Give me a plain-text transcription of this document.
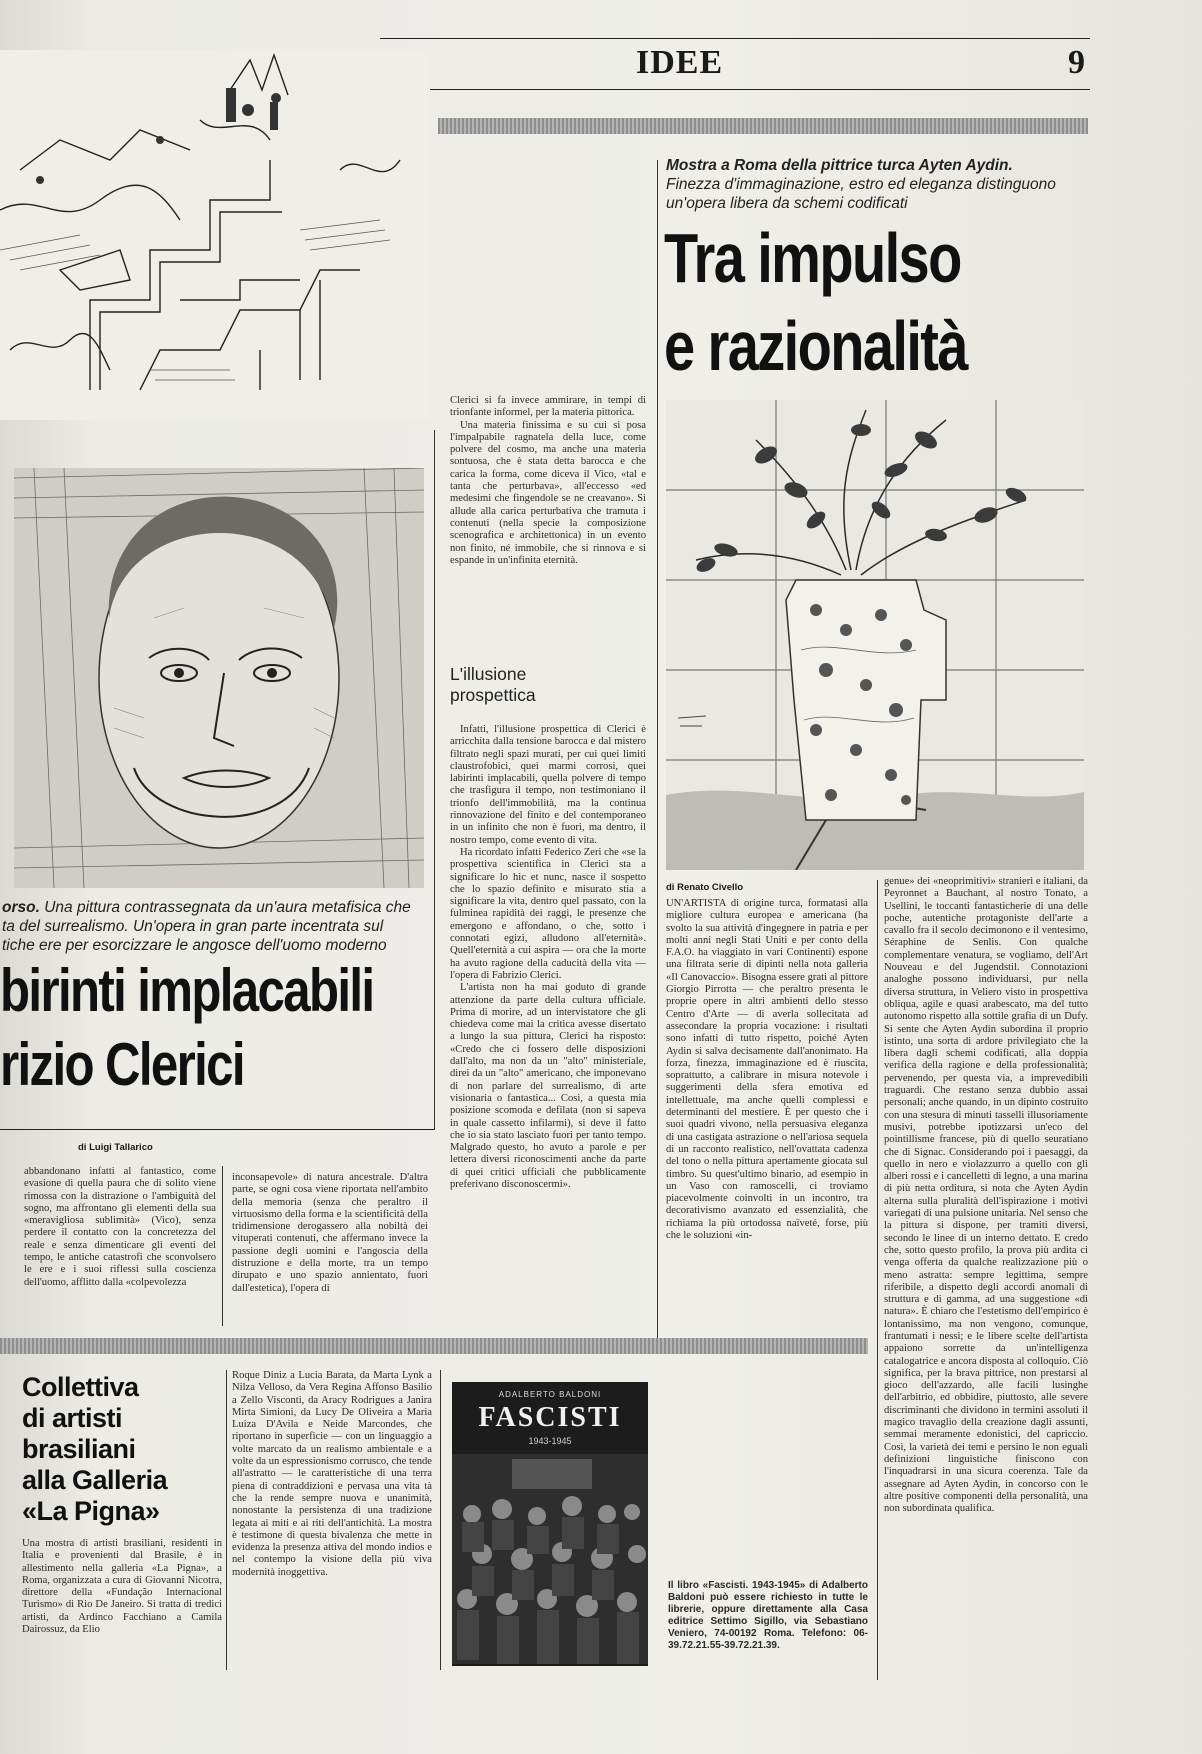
IDEE	9
orso. Una pittura contrassegnata da un'aura metafisica che
ta del surrealismo. Un'opera in gran parte incentrata sul
tiche ere per esorcizzare le angosce dell'uomo moderno
birinti implacabili
rizio Clerici
di Luigi Tallarico

abbandonano infatti al fantastico, come evasione di quella paura che di solito viene rimossa con la distrazione o l'ambiguità del sogno, ma affrontano gli elementi della sua «meravigliosa sublimità» (Vico), senza perdere il contatto con la concretezza del reale e senza dimenticare gli eventi del tempo, le antiche catastrofi che sconvolsero le ere e i suoi riflessi sulla coscienza dell'uomo, afflitto dalla «colpevolezza

inconsapevole» di natura ancestrale. D'altra parte, se ogni cosa viene riportata nell'ambito della memoria (senza che peraltro il virtuosismo della forma e la scientificità della tridimensione derogassero alla nobiltà dei vituperati contenuti, che affermano invece la passione degli uomini e l'angoscia della distruzione e della morte, tra un tempo dirupato e uno spazio annientato, fuori dall'estetica), l'opera di

Clerici si fa invece ammirare, in tempi di trionfante informel, per la materia pittorica.

Una materia finissima e su cui si posa l'impalpabile ragnatela della luce, come polvere del cosmo, ma anche una materia sontuosa, che è stata detta barocca e che carica la forma, come diceva il Vico, «tal e tanta che perturbava», all'eccesso «ed medesimi che fingendole se ne creavano». Si allude alla carica perturbativa che tramuta i contenuti (nella specie la composizione scenografica e architettonica) in un evento non finito, né immobile, che si rinnova e si espande in un'infinita eternità.

L'illusione prospettica

Infatti, l'illusione prospettica di Clerici è arricchita dalla tensione barocca e dal mistero filtrato negli spazi murati, per cui quei limiti claustrofobici, quei marmi corrosi, quei labirinti implacabili, quella polvere di tempo che trasfigura il tempo, non testimoniano il trionfo dell'immobilità, ma la continua rinnovazione del finito e del contemporaneo in un infinito che non è fuori, ma dentro, il nostro tempo, come evento di vita.

Ha ricordato infatti Federico Zeri che «se la prospettiva scientifica in Clerici sta a significare lo hic et nunc, nasce il sospetto che lo spazio definito e misurato stia a significare la vita, dentro quel passato, con la fulminea rapidità dei raggi, le presenze che emergono e affondano, o che, sotto i connotati egizi, alludono all'eternità». Quell'eternità a cui aspira — ora che la morte ha avuto ragione della caducità della vita — l'opera di Fabrizio Clerici.

L'artista non ha mai goduto di grande attenzione da parte della cultura ufficiale. Prima di morire, ad un intervistatore che gli chiedeva come mai la critica avesse disertato a lungo la sua pittura, Clerici ha risposto: «Credo che ci fossero delle disposizioni dall'alto, ma non da un "alto" ministeriale, direi da un "alto" americano, che imponevano di non parlare del surrealismo, di arte visionaria o fantastica... Così, a questa mia posizione scomoda e defilata (non si sapeva in quale cassetto infilarmi), si deve il fatto che io sia stato lasciato fuori per tanto tempo. Malgrado questo, ho avuto a parole e per lettera diversi riconoscimenti anche da parte di quei critici ufficiali che pubblicamente preferivano disconoscermi».

Mostra a Roma della pittrice turca Ayten Aydin. Finezza d'immaginazione, estro ed eleganza distinguono un'opera libera da schemi codificati
Tra impulso
e razionalità
di Renato Civello

UN'ARTISTA di origine turca, formatasi alla migliore cultura europea e americana (ha svolto la sua attività d'ingegnere in patria e per molti anni negli Stati Uniti e per conto della F.A.O. ha viaggiato in vari Continenti) espone una filtrata serie di dipinti nella nota galleria «Il Canovaccio». Bisogna essere grati al pittore Giorgio Pirrotta — che peraltro presenta le proprie opere in altri ambienti dello stesso Centro d'Arte — di averla sollecitata ad assecondare la propria vocazione: i risultati sono infatti di tutto rispetto, poiché Ayten Aydin si salva decisamente dall'anonimato. Ha forza, finezza, immaginazione ed è riuscita, soprattutto, a calibrare in misura notevole i suggerimenti della sfera emotiva ed intellettuale, ma anche quelli complessi e determinanti del mestiere. È per questo che i suoi quadri vivono, nella persuasiva eleganza di una castigata astrazione o nell'ariosa sequela di un racconto realistico, nell'ovattata cadenza del tono o nella pittura apertamente giocata sul timbro. Su quest'ultimo binario, ad esempio in un Vaso con ramoscelli, ci troviamo piacevolmente coinvolti in un incontro, tra decorativismo avanzato ed essenzialità, che richiama la più ortodossa naïveté, forse, più che le soluzioni «in-

genue» dei «neoprimitivi» stranieri e italiani, da Peyronnet a Bauchant, al nostro Tonato, a Usellini, le toccanti fantasticherie di una delle poche, autentiche protagoniste dell'arte a cavallo fra il secolo decimonono e il ventesimo, Séraphine de Senlis. Con qualche complementare venatura, se vogliamo, dell'Art Nouveau e del Jugendstil. Connotazioni analoghe possono individuarsi, pur nella diversa struttura, in Veliero visto in prospettiva obliqua, agile e quasi arabescato, ma del tutto autonomo rispetto alla sottile grafia di un Dufy. Si sente che Ayten Aydin subordina il proprio istinto, una sorta di ardore privilegiato che la libera dagli schemi codificati, alla doppia verifica della ragione e della professionalità; pervenendo, per questa via, a imprevedibili traguardi. Che restano senza dubbio assai personali; anche quando, in un dipinto costruito con una stesura di minuti tasselli illusoriamente musivi, potrebbe ipotizzarsi un'eco del pointillisme francese, più di quello seuratiano che di Signac. Considerando poi i paesaggi, da quello in nero e violazzurro a quello con gli alberi rossi e i cancelletti di legno, a una marina di più netta orditura, si nota che Ayten Aydin alterna sulla pluralità dell'ispirazione i motivi variegati di una pulsione unitaria. Nel senso che la pittura si dispone, per tramiti diversi, secondo le linee di un interno dettato. E credo che, sotto questo profilo, la prova più ardita ci venga offerta da qualche realizzazione più o meno astratta: sempre legittima, sempre riferibile, a dispetto degli accordi anomali di struttura e di gamma, ad una suggestione «di natura». È chiaro che l'estetismo dell'empirico è lontanissimo, ma non vengono, comunque, frantumati i nessi; e le libere scelte dell'artista appaiono sorrette da un'intelligenza catalogatrice e ancora disposta al colloquio. Ciò significa, per la brava pittrice, non prestarsi al gioco dell'azzardo, alle facili lusinghe dell'arbitrio, ed obbidire, piuttosto, alle severe discriminanti che dividono in termini assoluti il magico travaglio della creazione dagli assunti, semmai meramente edonistici, del capriccio. Così, la varietà dei temi e persino le non eguali definizioni linguistiche finiscono con l'inquadrarsi in una sicura coerenza. Tale da assegnare ad Ayten Aydin, in concorso con le altre positive componenti della personalità, una non subordinata qualifica.

Collettiva
di artisti
brasiliani
alla Galleria
«La Pigna»

Una mostra di artisti brasiliani, residenti in Italia e provenienti dal Brasile, è in allestimento nella galleria «La Pigna», a Roma, organizzata a cura di Giovanni Nicotra, direttore della «Fundação Internacional Turismo» di Rio De Janeiro. Si tratta di tredici artisti, da Ardinco Facchiano a Camila Dairossuz, da Elio

Roque Diniz a Lucia Barata, da Marta Lynk a Nilza Velloso, da Vera Regina Affonso Basilio a Zello Visconti, da Aracy Rodrigues a Janira Mirta Simioni, da Lucy De Oliveira a Maria Luiza D'Avila e Neide Marcondes, che riportano in superficie — con un linguaggio a volte marcato da un realismo ambientale e a volte da un espressionismo corrusco, che tende all'astratto — le caratteristiche di una terra piena di contraddizioni e pervasa una vita tà che la rende sempre nuova e unanimità, nonostante la persistenza di una tradizione legata ai miti e ai riti dell'antichità. La mostra è testimone di questa bivalenza che mette in evidenza la presenza attiva del mondo indios e nel contempo la visione della più viva modernità inoggettiva.

ADALBERTO BALDONI
FASCISTI
1943-1945
Il libro «Fascisti. 1943-1945» di Adalberto Baldoni può essere richiesto in tutte le librerie, oppure direttamente alla Casa editrice Settimo Sigillo, via Sebastiano Veniero, 74-00192 Roma. Telefono: 06-39.72.21.55-39.72.21.39.
